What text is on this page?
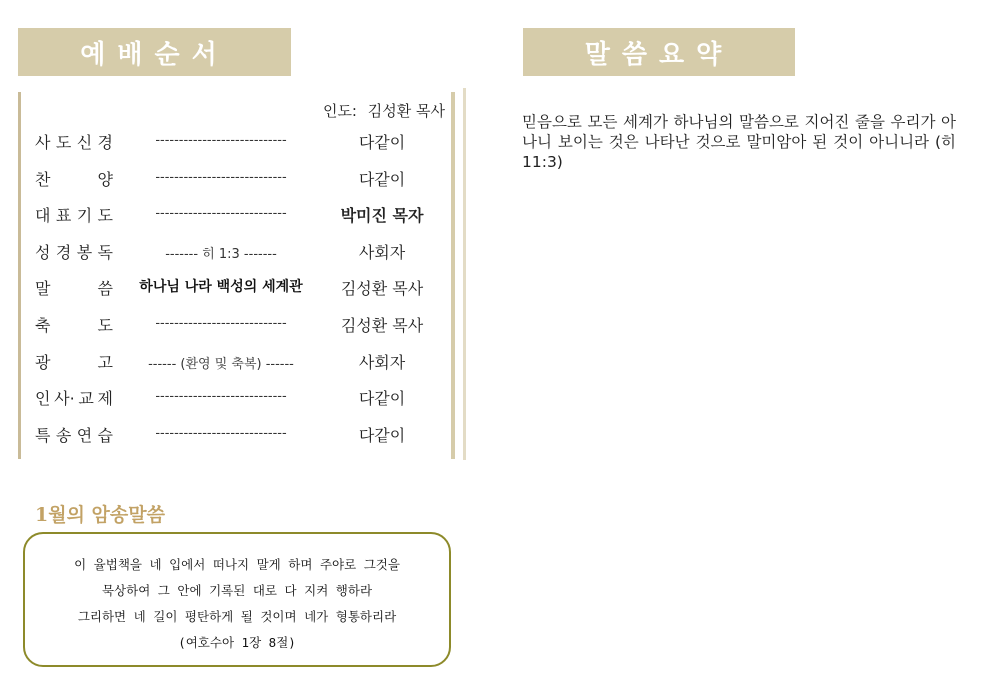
예배순서	말씀요약
인도: 김성환 목사
사 도 신 경	----------------------------	다같이
찬	양	----------------------------	다같이
대 표 기 도	----------------------------	박미진 목자
성 경 봉 독	------- 히 1:3 -------	사회자
말	씀	하나님 나라 백성의 세계관	김성환 목사
축	도	----------------------------	김성환 목사
광	고	------ (환영 및 축복) ------	사회자
인 사· 교 제	----------------------------	다같이
특 송 연 습	----------------------------	다같이
믿음으로 모든 세계가 하나님의 말씀으로 지어진 줄을 우리가 아나니 보이는 것은 나타난 것으로 말미암아 된 것이 아니니라 (히 11:3)
1월의 암송말씀
이 율법책을 네 입에서 떠나지 말게 하며 주야로 그것을
묵상하여 그 안에 기록된 대로 다 지켜 행하라
그리하면 네 길이 평탄하게 될 것이며 네가 형통하리라
(여호수아 1장 8절)
